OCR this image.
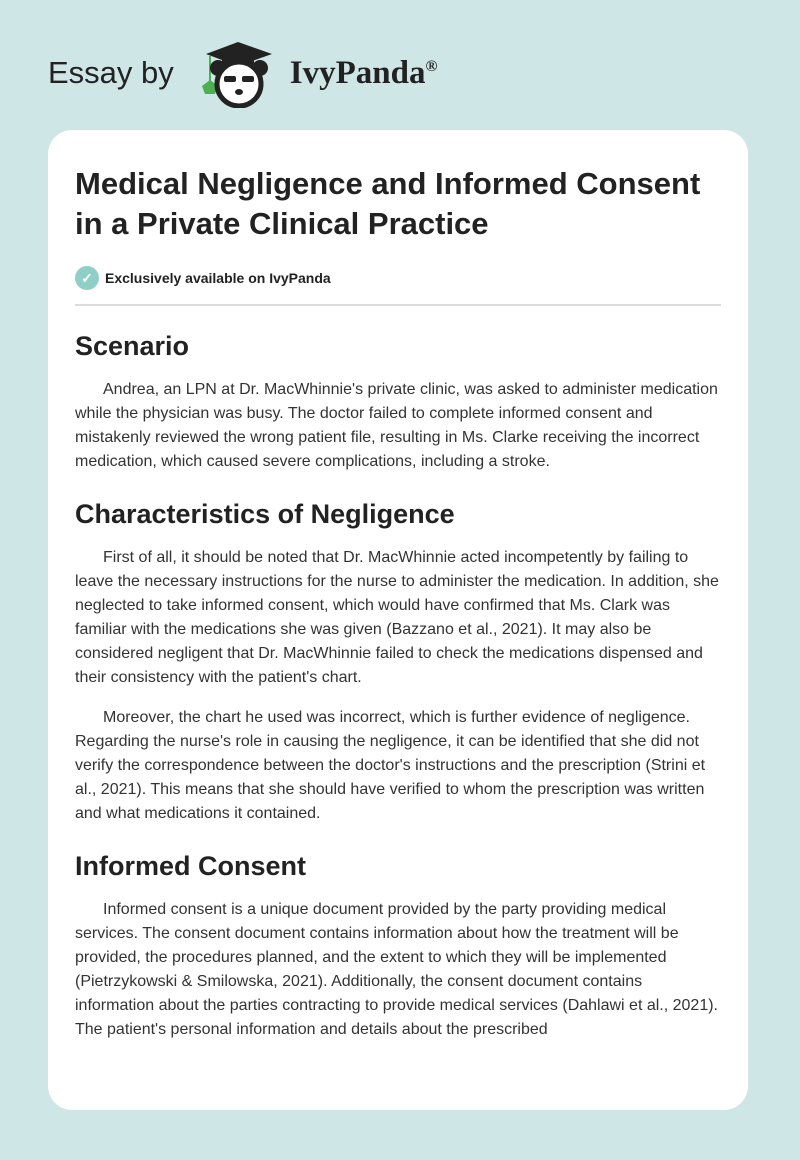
Essay by	IvyPanda®
Medical Negligence and Informed Consent in a Private Clinical Practice
✓ Exclusively available on IvyPanda
Scenario

Andrea, an LPN at Dr. MacWhinnie's private clinic, was asked to administer medication while the physician was busy. The doctor failed to complete informed consent and mistakenly reviewed the wrong patient file, resulting in Ms. Clarke receiving the incorrect medication, which caused severe complications, including a stroke.

Characteristics of Negligence

First of all, it should be noted that Dr. MacWhinnie acted incompetently by failing to leave the necessary instructions for the nurse to administer the medication. In addition, she neglected to take informed consent, which would have confirmed that Ms. Clark was familiar with the medications she was given (Bazzano et al., 2021). It may also be considered negligent that Dr. MacWhinnie failed to check the medications dispensed and their consistency with the patient's chart.

Moreover, the chart he used was incorrect, which is further evidence of negligence. Regarding the nurse's role in causing the negligence, it can be identified that she did not verify the correspondence between the doctor's instructions and the prescription (Strini et al., 2021). This means that she should have verified to whom the prescription was written and what medications it contained.

Informed Consent

Informed consent is a unique document provided by the party providing medical services. The consent document contains information about how the treatment will be provided, the procedures planned, and the extent to which they will be implemented (Pietrzykowski & Smilowska, 2021). Additionally, the consent document contains information about the parties contracting to provide medical services (Dahlawi et al., 2021). The patient's personal information and details about the prescribed
